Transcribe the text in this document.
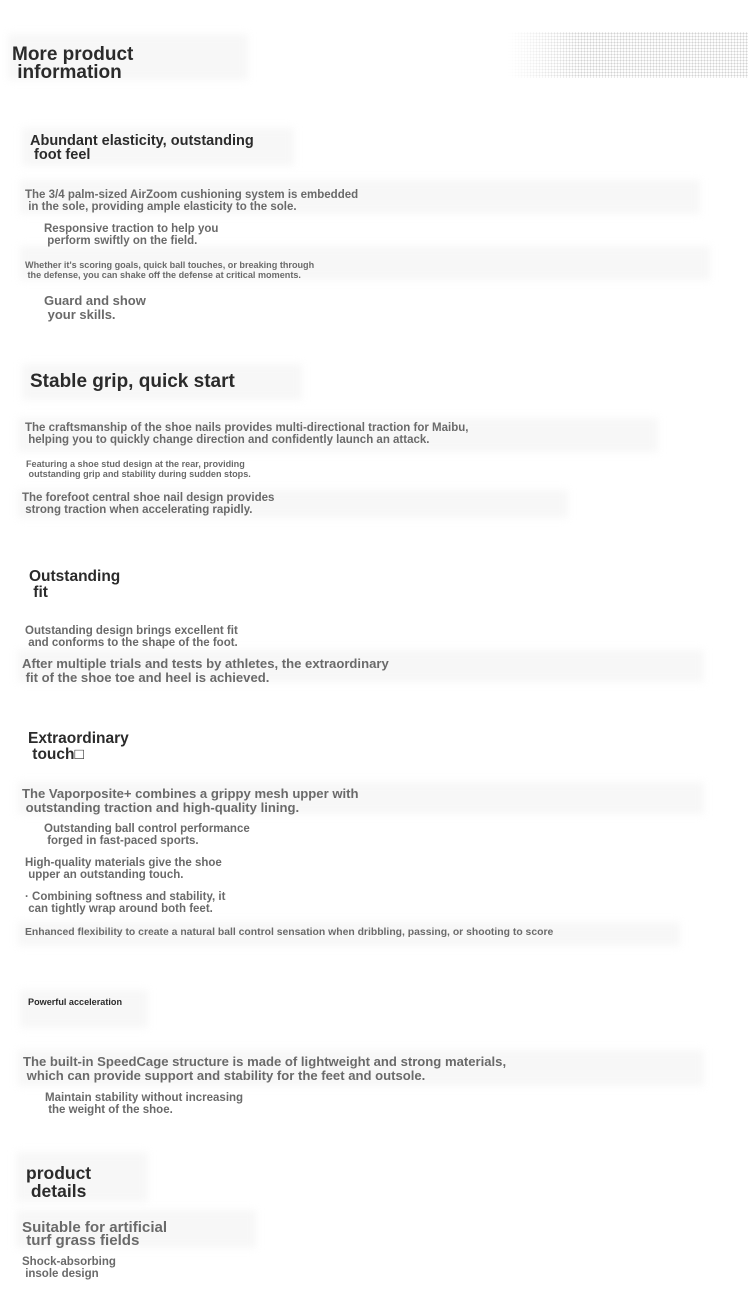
More product
information
Abundant elasticity, outstanding
foot feel

The 3/4 palm-sized AirZoom cushioning system is embedded
in the sole, providing ample elasticity to the sole.

Responsive traction to help you
perform swiftly on the field.

Whether it's scoring goals, quick ball touches, or breaking through
the defense, you can shake off the defense at critical moments.

Guard and show
your skills.

Stable grip, quick start

The craftsmanship of the shoe nails provides multi-directional traction for Maibu,
helping you to quickly change direction and confidently launch an attack.

Featuring a shoe stud design at the rear, providing
outstanding grip and stability during sudden stops.

The forefoot central shoe nail design provides
strong traction when accelerating rapidly.

Outstanding
fit

Outstanding design brings excellent fit
and conforms to the shape of the foot.

After multiple trials and tests by athletes, the extraordinary
fit of the shoe toe and heel is achieved.

Extraordinary
touch□

The Vaporposite+ combines a grippy mesh upper with
outstanding traction and high-quality lining.

Outstanding ball control performance
forged in fast-paced sports.

High-quality materials give the shoe
upper an outstanding touch.

· Combining softness and stability, it
can tightly wrap around both feet.

Enhanced flexibility to create a natural ball control sensation when dribbling, passing, or shooting to score

Powerful acceleration

The built-in SpeedCage structure is made of lightweight and strong materials,
which can provide support and stability for the feet and outsole.

Maintain stability without increasing
the weight of the shoe.

product
details

Suitable for artificial
turf grass fields

Shock-absorbing
insole design
